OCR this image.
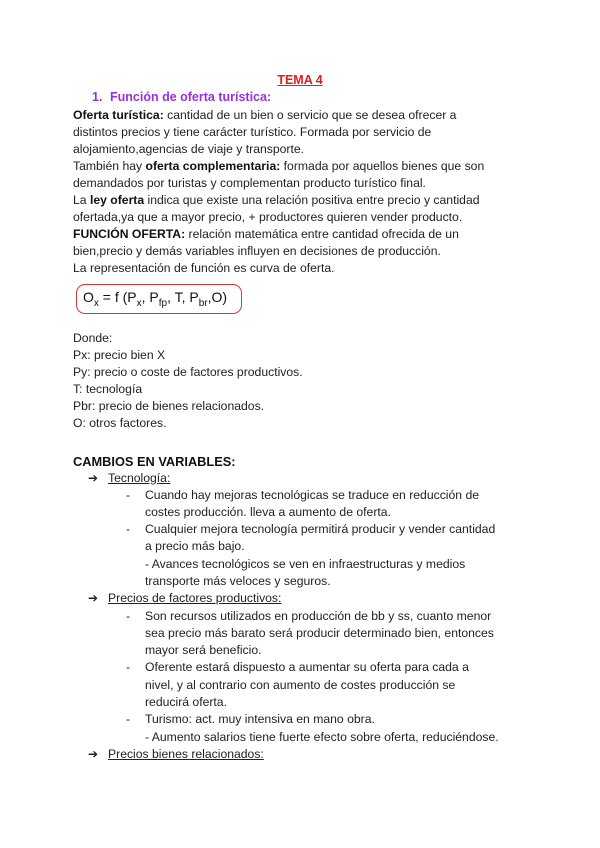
TEMA 4
1. Función de oferta turística:
Oferta turística: cantidad de un bien o servicio que se desea ofrecer a
distintos precios y tiene carácter turístico. Formada por servicio de
alojamiento,agencias de viaje y transporte.
También hay oferta complementaria: formada por aquellos bienes que son
demandados por turistas y complementan producto turístico final.
La ley oferta indica que existe una relación positiva entre precio y cantidad
ofertada,ya que a mayor precio, + productores quieren vender producto.
FUNCIÓN OFERTA: relación matemática entre cantidad ofrecida de un
bien,precio y demás variables influyen en decisiones de producción.
La representación de función es curva de oferta.
$O_x = f$ ($P_x$, $P_{fp}$, T, $P_{br},O$)
Donde:
Px: precio bien X
Py: precio o coste de factores productivos.
T: tecnología
Pbr: precio de bienes relacionados.
O: otros factores.
CAMBIOS EN VARIABLES:
➔ Tecnología:
- Cuando hay mejoras tecnológicas se traduce en reducción de
costes producción. lleva a aumento de oferta.
- Cualquier mejora tecnología permitirá producir y vender cantidad
a precio más bajo.
- Avances tecnológicos se ven en infraestructuras y medios
transporte más veloces y seguros.
➔ Precios de factores productivos:
- Son recursos utilizados en producción de bb y ss, cuanto menor
sea precio más barato será producir determinado bien, entonces
mayor será beneficio.
- Oferente estará dispuesto a aumentar su oferta para cada a
nivel, y al contrario con aumento de costes producción se
reducirá oferta.
- Turismo: act. muy intensiva en mano obra.
- Aumento salarios tiene fuerte efecto sobre oferta, reduciéndose.
➔ Precios bienes relacionados:
